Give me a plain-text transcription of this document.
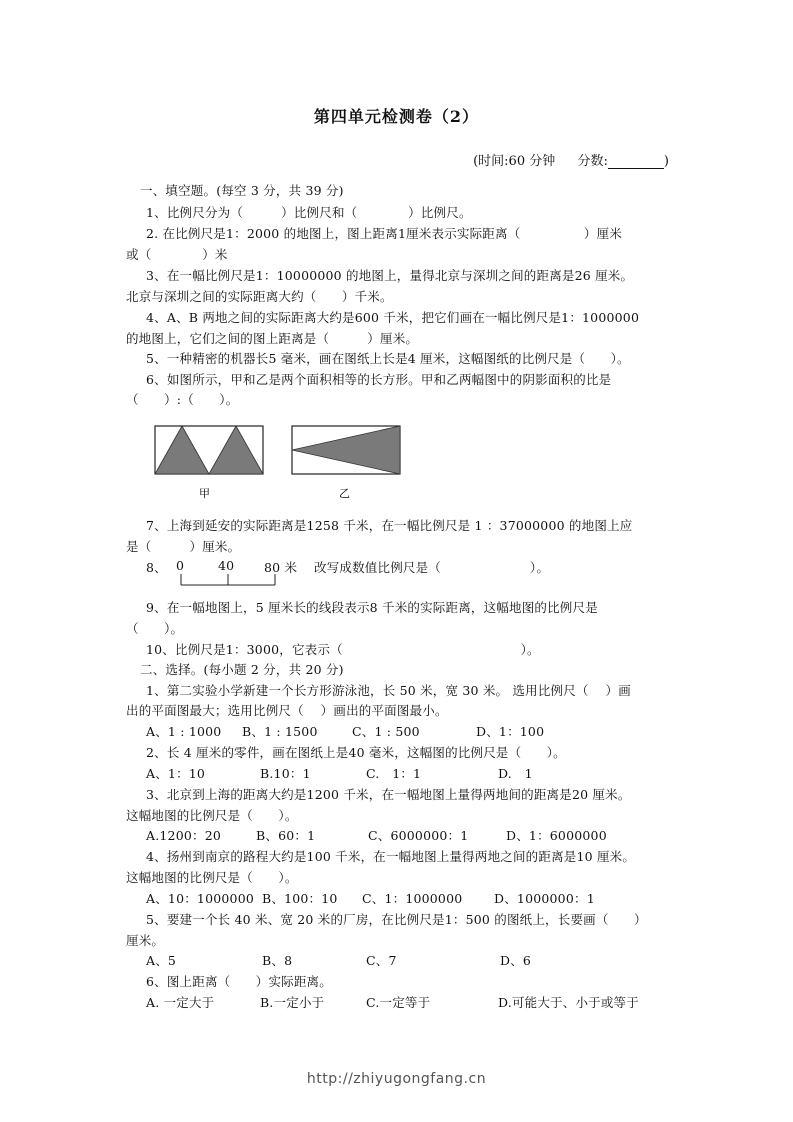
第四单元检测卷（2）
(时间:60 分钟 分数:	)
一、填空题。(每空 3 分，共 39 分)
1、比例尺分为（　　　）比例尺和（　　　　）比例尺。
2. 在比例尺是1：2000 的地图上，图上距离1厘米表示实际距离（　　　　　）厘米
或（　　　　）米
3、在一幅比例尺是1：10000000 的地图上，量得北京与深圳之间的距离是26 厘米。
北京与深圳之间的实际距离大约（　　）千米。
4、A、B 两地之间的实际距离大约是600 千米，把它们画在一幅比例尺是1：1000000
的地图上，它们之间的图上距离是（　　　）厘米。
5、一种精密的机器长5 毫米，画在图纸上长是4 厘米，这幅图纸的比例尺是（　　）。
6、如图所示，甲和乙是两个面积相等的长方形。甲和乙两幅图中的阴影面积的比是
（　　）:（　　）。
甲	乙
7、上海到延安的实际距离是1258 千米，在一幅比例尺是 1 ：37000000 的地图上应
是（　　　）厘米。
8、 0	40 80 米 改写成数值比例尺是（　　　　　　　）。
9、在一幅地图上，5 厘米长的线段表示8 千米的实际距离，这幅地图的比例尺是
（　　）。
10、比例尺是1：3000，它表示（　　　　　　　　　　　　　　）。
二、选择。(每小题 2 分，共 20 分)
1、第二实验小学新建一个长方形游泳池，长 50 米，宽 30 米。 选用比例尺（　 ）画
出的平面图最大；选用比例尺（　 ）画出的平面图最小。
A、1 : 1000 B、1 : 1500	C、1 : 500	D、1：100
2、长 4 厘米的零件，画在图纸上是40 毫米，这幅图的比例尺是（　　）。
A、1：10	B.10：1	C.　1：1	D.　1
3、北京到上海的距离大约是1200 千米，在一幅地图上量得两地间的距离是20 厘米。
这幅地图的比例尺是（　　）。
A.1200：20	B、60：1	C、6000000：1	D、1：6000000
4、扬州到南京的路程大约是100 千米，在一幅地图上量得两地之间的距离是10 厘米。
这幅地图的比例尺是（　　）。
A、10：1000000 B、100：10 C、1：1000000	D、1000000：1
5、要建一个长 40 米、宽 20 米的厂房，在比例尺是1：500 的图纸上，长要画（　　）
厘米。
A、5	B、8	C、7	D、6
6、图上距离（　　）实际距离。
A. 一定大于	B.一定小于	C.一定等于	D.可能大于、小于或等于
http://zhiyugongfang.cn
